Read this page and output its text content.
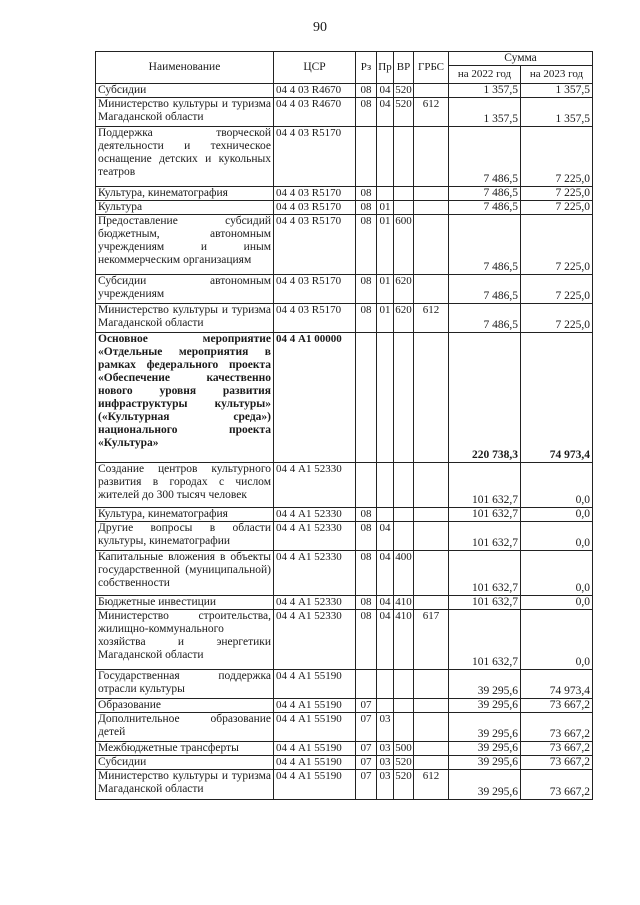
90
Наименование	ЦСР	Рз	Пр	ВР	ГРБС	Сумма	
						на 2022 год	на 2023 год
Субсидии	04 4 03 R4670	08	04	520		1 357,5	1 357,5
Министерство культуры и туризма Магаданской области	04 4 03 R4670	08	04	520	612	1 357,5	1 357,5
Поддержка творческой деятельности и техническое оснащение детских и кукольных театров	04 4 03 R5170					7 486,5	7 225,0
Культура, кинематография	04 4 03 R5170	08				7 486,5	7 225,0
Культура	04 4 03 R5170	08	01			7 486,5	7 225,0
Предоставление субсидий бюджетным, автономным учреждениям и иным некоммерческим организациям	04 4 03 R5170	08	01	600		7 486,5	7 225,0
Субсидии автономным учреждениям	04 4 03 R5170	08	01	620		7 486,5	7 225,0
Министерство культуры и туризма Магаданской области	04 4 03 R5170	08	01	620	612	7 486,5	7 225,0
Основное мероприятие «Отдельные мероприятия в рамках федерального проекта «Обеспечение качественно нового уровня развития инфраструктуры культуры» («Культурная среда») национального проекта «Культура»	04 4 А1 00000					220 738,3	74 973,4
Создание центров культурного развития в городах с числом жителей до 300 тысяч человек	04 4 А1 52330					101 632,7	0,0
Культура, кинематография	04 4 А1 52330	08				101 632,7	0,0
Другие вопросы в области культуры, кинематографии	04 4 А1 52330	08	04			101 632,7	0,0
Капитальные вложения в объекты государственной (муниципальной) собственности	04 4 А1 52330	08	04	400		101 632,7	0,0
Бюджетные инвестиции	04 4 А1 52330	08	04	410		101 632,7	0,0
Министерство строительства, жилищно-коммунального хозяйства и энергетики Магаданской области	04 4 А1 52330	08	04	410	617	101 632,7	0,0
Государственная поддержка отрасли культуры	04 4 А1 55190					39 295,6	74 973,4
Образование	04 4 А1 55190	07				39 295,6	73 667,2
Дополнительное образование детей	04 4 А1 55190	07	03			39 295,6	73 667,2
Межбюджетные трансферты	04 4 А1 55190	07	03	500		39 295,6	73 667,2
Субсидии	04 4 А1 55190	07	03	520		39 295,6	73 667,2
Министерство культуры и туризма Магаданской области	04 4 А1 55190	07	03	520	612	39 295,6	73 667,2
